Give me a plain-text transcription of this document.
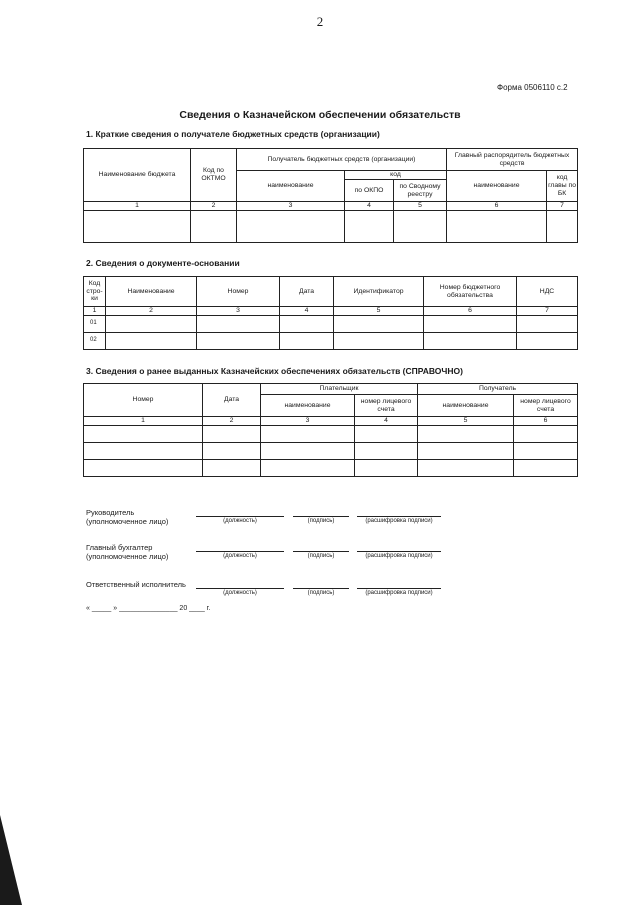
2
Форма 0506110 с.2
Сведения о Казначейском обеспечении обязательств
1. Краткие сведения о получателе бюджетных средств (организации)
Наименование бюджета	Код по ОКТМО	Получатель бюджетных средств (организации)			Главный распорядитель бюджетных средств	
		наименование	код		наименование	код главы по БК
			по ОКПО	по Сводному реестру		
1	2	3	4	5	6	7

2. Сведения о документе-основании
Код стро-ки	Наименование	Номер	Дата	Идентификатор	Номер бюджетного обязательства	НДС
1	2	3	4	5	6	7
01						
02						
3. Сведения о ранее выданных Казначейских обеспечениях обязательств (СПРАВОЧНО)
Номер	Дата	Плательщик		Получатель	
		наименование	номер лицевого счета	наименование	номер лицевого счета
1	2	3	4	5	6

Руководитель
(уполномоченное лицо)	(должность)	(подпись)	(расшифровка подписи)
Главный бухгалтер
(уполномоченное лицо)	(должность)	(подпись)	(расшифровка подписи)
Ответственный исполнитель
(должность)	(подпись)	(расшифровка подписи)
« _____ » _______________ 20 ____ г.
